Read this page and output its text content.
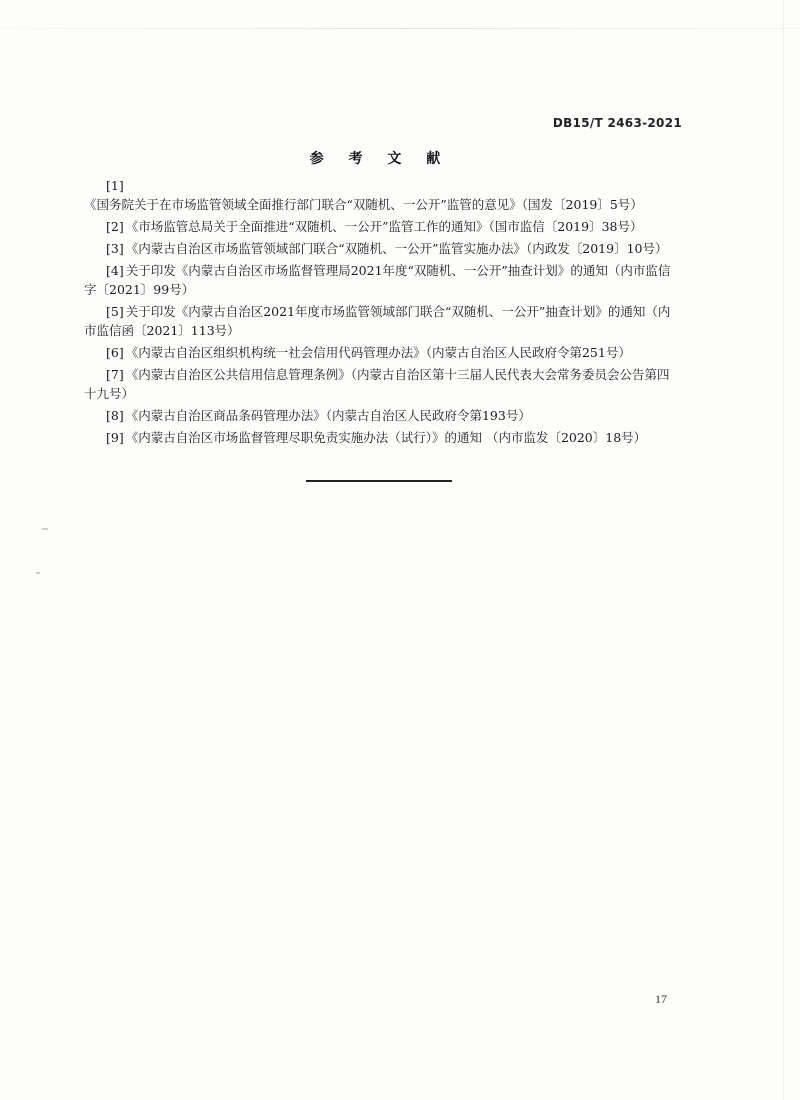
DB15/T 2463-2021
参 考 文 献
[1]《国务院关于在市场监管领域全面推行部门联合“双随机、一公开”监管的意见》（国发〔2019〕5号）
[2] 《市场监管总局关于全面推进“双随机、一公开”监管工作的通知》（国市监信〔2019〕38号）
[3] 《内蒙古自治区市场监管领域部门联合“双随机、一公开”监管实施办法》（内政发〔2019〕10号）
[4] 关于印发《内蒙古自治区市场监督管理局2021年度“双随机、一公开”抽查计划》的通知（内市监信字〔2021〕99号）
[5] 关于印发《内蒙古自治区2021年度市场监管领域部门联合“双随机、一公开”抽查计划》的通知（内市监信函〔2021〕113号）
[6] 《内蒙古自治区组织机构统一社会信用代码管理办法》（内蒙古自治区人民政府令第251号）
[7] 《内蒙古自治区公共信用信息管理条例》（内蒙古自治区第十三届人民代表大会常务委员会公告第四十九号）
[8] 《内蒙古自治区商品条码管理办法》（内蒙古自治区人民政府令第193号）
[9] 《内蒙古自治区市场监督管理尽职免责实施办法（试行）》的通知 （内市监发〔2020〕18号）
17
